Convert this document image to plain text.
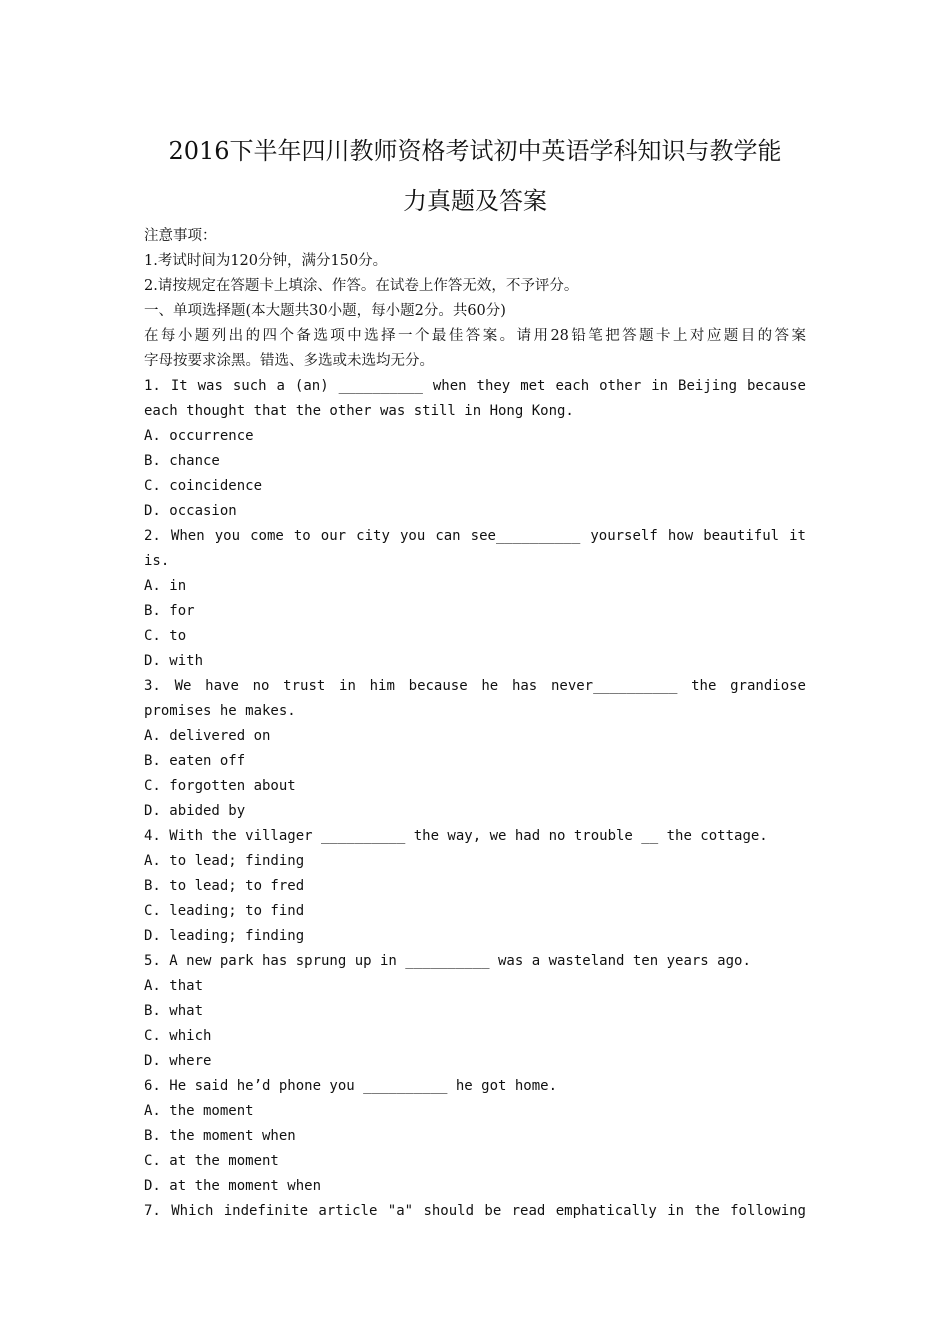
2016下半年四川教师资格考试初中英语学科知识与教学能
力真题及答案
注意事项：
1.考试时间为120分钟，满分150分。
2.请按规定在答题卡上填涂、作答。在试卷上作答无效，不予评分。
一、单项选择题(本大题共30小题，每小题2分。共60分)
在每小题列出的四个备选项中选择一个最佳答案。请用28铅笔把答题卡上对应题目的答案
字母按要求涂黑。错选、多选或未选均无分。
1. It was such a (an) __________ when they met each other in Beijing because
each thought that the other was still in Hong Kong.
A. occurrence
B. chance
C. coincidence
D. occasion
2. When you come to our city you can see__________ yourself how beautiful it
is.
A. in
B. for
C. to
D. with
3. We have no trust in him because he has never__________ the grandiose
promises he makes.
A. delivered on
B. eaten off
C. forgotten about
D. abided by
4. With the villager __________ the way, we had no trouble __ the cottage.
A. to lead; finding
B. to lead; to fred
C. leading; to find
D. leading; finding
5. A new park has sprung up in __________ was a wasteland ten years ago.
A. that
B. what
C. which
D. where
6. He said he’d phone you __________ he got home.
A. the moment
B. the moment when
C. at the moment
D. at the moment when
7. Which indefinite article "a" should be read emphatically in the following
